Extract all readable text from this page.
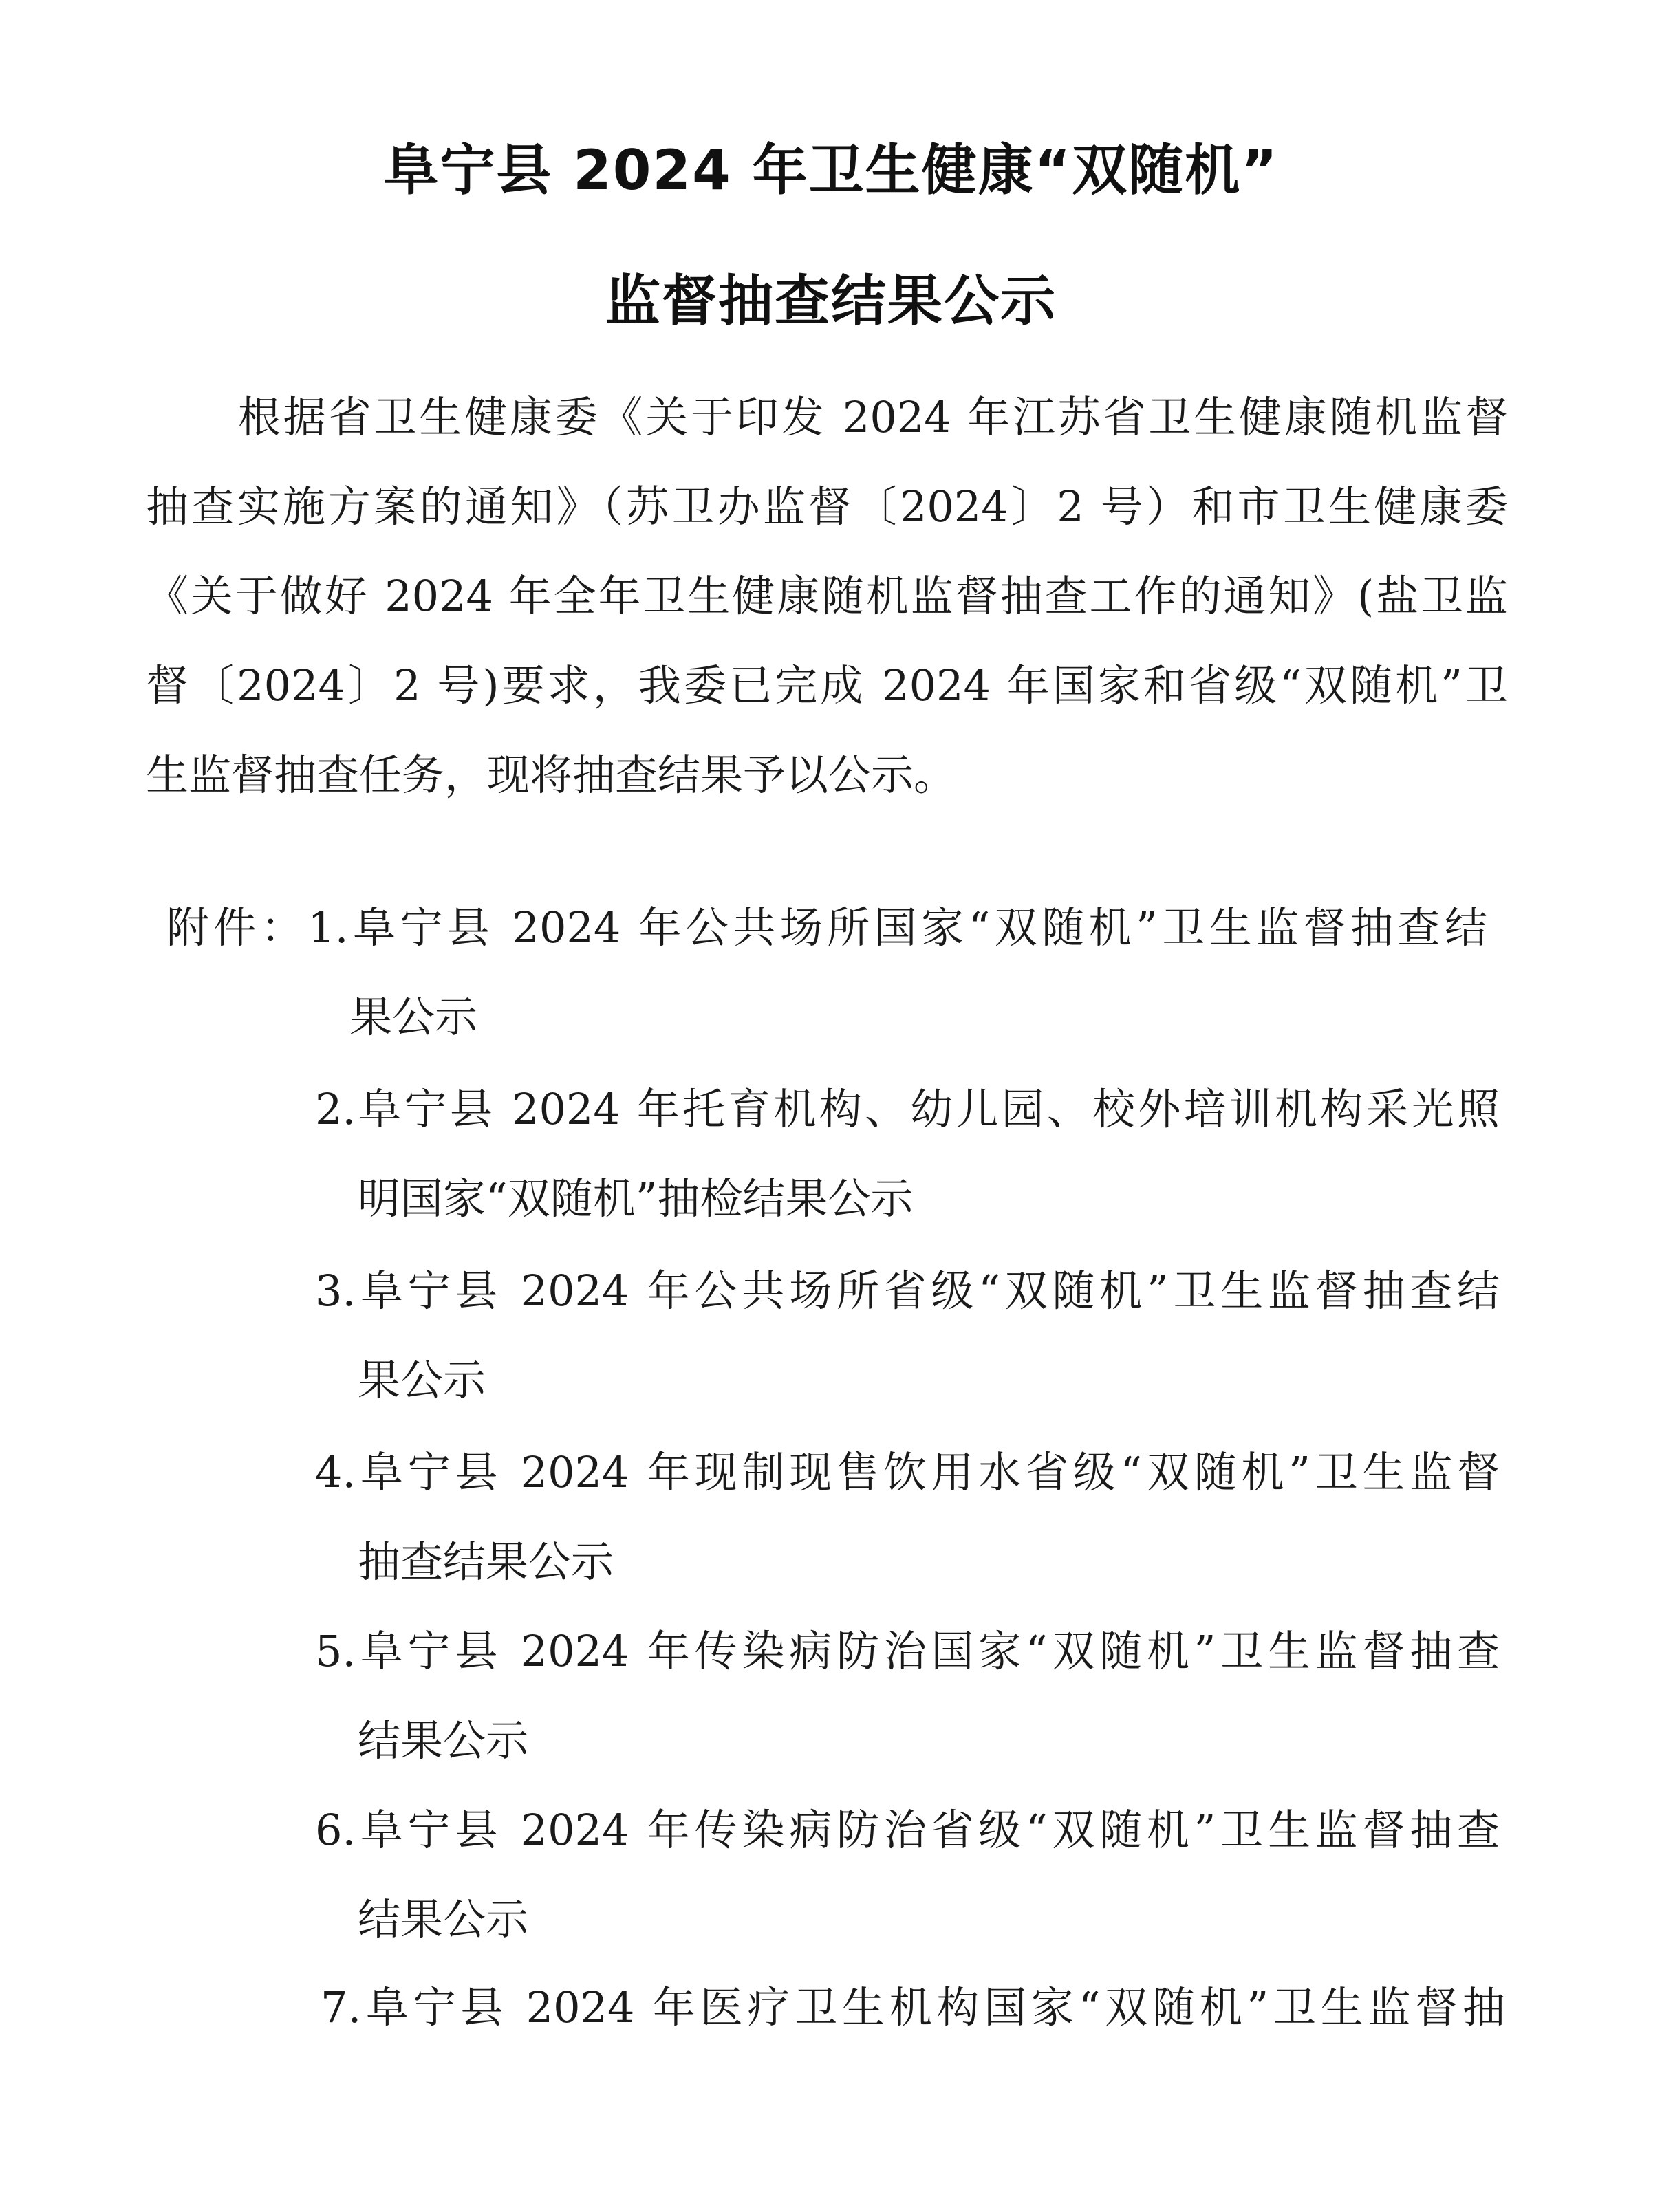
阜宁县 2024 年卫生健康“双随机”
监督抽查结果公示
根据省卫生健康委《关于印发 2024 年江苏省卫生健康随机监督
抽查实施方案的通知》（苏卫办监督〔2024〕2 号）和市卫生健康委
《关于做好 2024 年全年卫生健康随机监督抽查工作的通知》(盐卫监
督〔2024〕2 号)要求，我委已完成 2024 年国家和省级“双随机”卫
生监督抽查任务，现将抽查结果予以公示。
附件：1.阜宁县 2024 年公共场所国家“双随机”卫生监督抽查结
果公示
2.阜宁县 2024 年托育机构、幼儿园、校外培训机构采光照
明国家“双随机”抽检结果公示
3.阜宁县 2024 年公共场所省级“双随机”卫生监督抽查结
果公示
4.阜宁县 2024 年现制现售饮用水省级“双随机”卫生监督
抽查结果公示
5.阜宁县 2024 年传染病防治国家“双随机”卫生监督抽查
结果公示
6.阜宁县 2024 年传染病防治省级“双随机”卫生监督抽查
结果公示
7.阜宁县 2024 年医疗卫生机构国家“双随机”卫生监督抽
